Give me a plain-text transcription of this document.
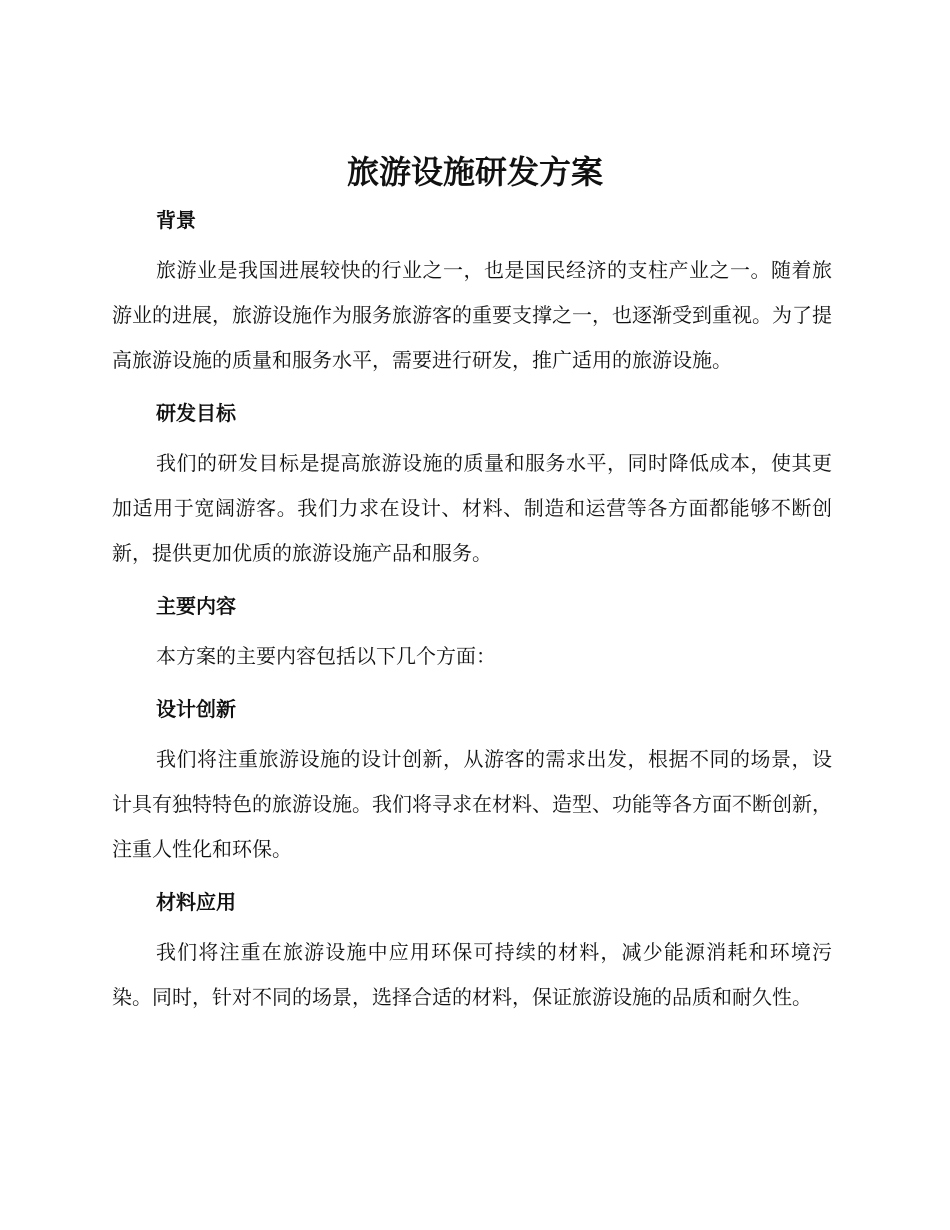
旅游设施研发方案
背景

旅游业是我国进展较快的行业之一，也是国民经济的支柱产业之一。随着旅游业的进展，旅游设施作为服务旅游客的重要支撑之一，也逐渐受到重视。为了提高旅游设施的质量和服务水平，需要进行研发，推广适用的旅游设施。

研发目标

我们的研发目标是提高旅游设施的质量和服务水平，同时降低成本，使其更加适用于宽阔游客。我们力求在设计、材料、制造和运营等各方面都能够不断创新，提供更加优质的旅游设施产品和服务。

主要内容

本方案的主要内容包括以下几个方面：

设计创新

我们将注重旅游设施的设计创新，从游客的需求出发，根据不同的场景，设计具有独特特色的旅游设施。我们将寻求在材料、造型、功能等各方面不断创新，注重人性化和环保。

材料应用

我们将注重在旅游设施中应用环保可持续的材料，减少能源消耗和环境污染。同时，针对不同的场景，选择合适的材料，保证旅游设施的品质和耐久性。
